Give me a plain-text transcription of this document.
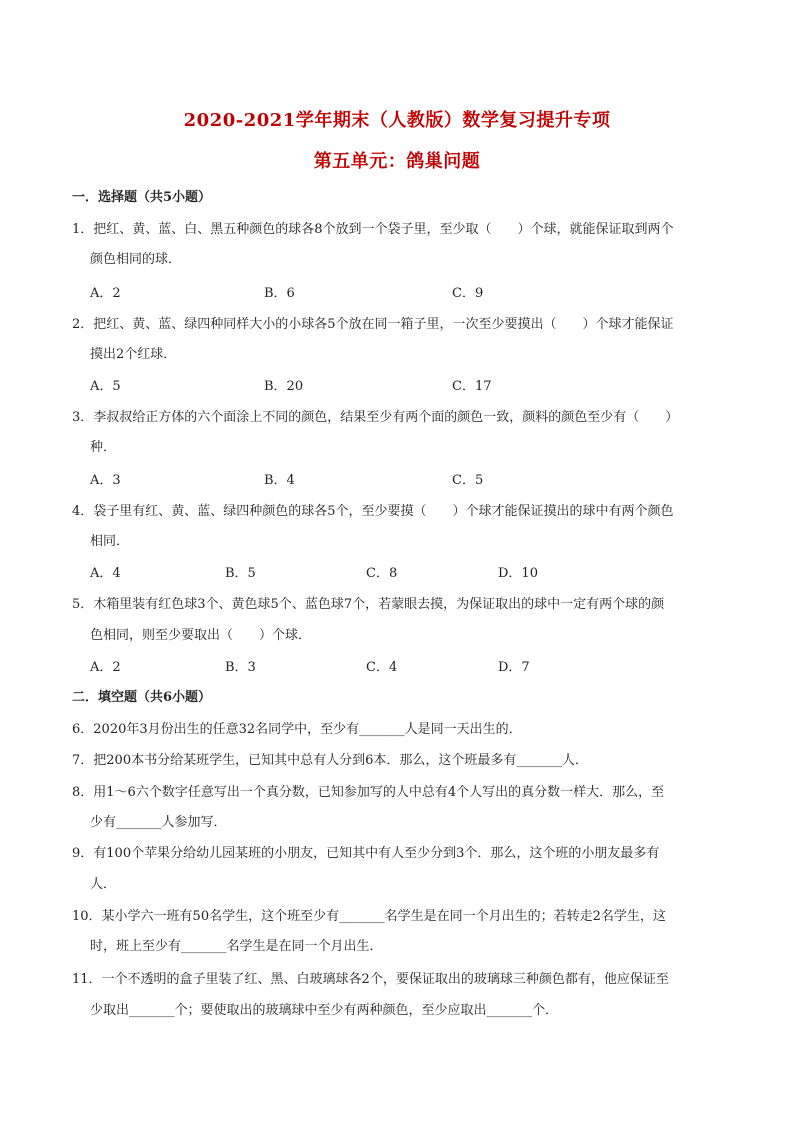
2020-2021学年期末（人教版）数学复习提升专项
第五单元：鸽巢问题
一．选择题（共5小题）
1．把红、黄、蓝、白、黑五种颜色的球各8个放到一个袋子里，至少取（　　）个球，就能保证取到两个
颜色相同的球．
A．2	B．6	C．9
2．把红、黄、蓝、绿四种同样大小的小球各5个放在同一箱子里，一次至少要摸出（　　）个球才能保证
摸出2个红球．
A．5	B．20	C．17
3．李叔叔给正方体的六个面涂上不同的颜色，结果至少有两个面的颜色一致，颜料的颜色至少有（　　）
种．
A．3	B．4	C．5
4．袋子里有红、黄、蓝、绿四种颜色的球各5个，至少要摸（　　）个球才能保证摸出的球中有两个颜色
相同．
A．4	B．5	C．8	D．10
5．木箱里装有红色球3个、黄色球5个、蓝色球7个，若蒙眼去摸，为保证取出的球中一定有两个球的颜
色相同，则至少要取出（　　）个球．
A．2	B．3	C．4	D．7
二．填空题（共6小题）
6．2020年3月份出生的任意32名同学中，至少有_______人是同一天出生的．
7．把200本书分给某班学生，已知其中总有人分到6本．那么，这个班最多有_______人．
8．用1～6六个数字任意写出一个真分数，已知参加写的人中总有4个人写出的真分数一样大．那么，至
少有_______人参加写．
9．有100个苹果分给幼儿园某班的小朋友，已知其中有人至少分到3个．那么，这个班的小朋友最多有
人．
10．某小学六一班有50名学生，这个班至少有_______名学生是在同一个月出生的；若转走2名学生，这
时，班上至少有_______名学生是在同一个月出生．
11．一个不透明的盒子里装了红、黑、白玻璃球各2个，要保证取出的玻璃球三种颜色都有，他应保证至
少取出_______个；要使取出的玻璃球中至少有两种颜色，至少应取出_______个．
